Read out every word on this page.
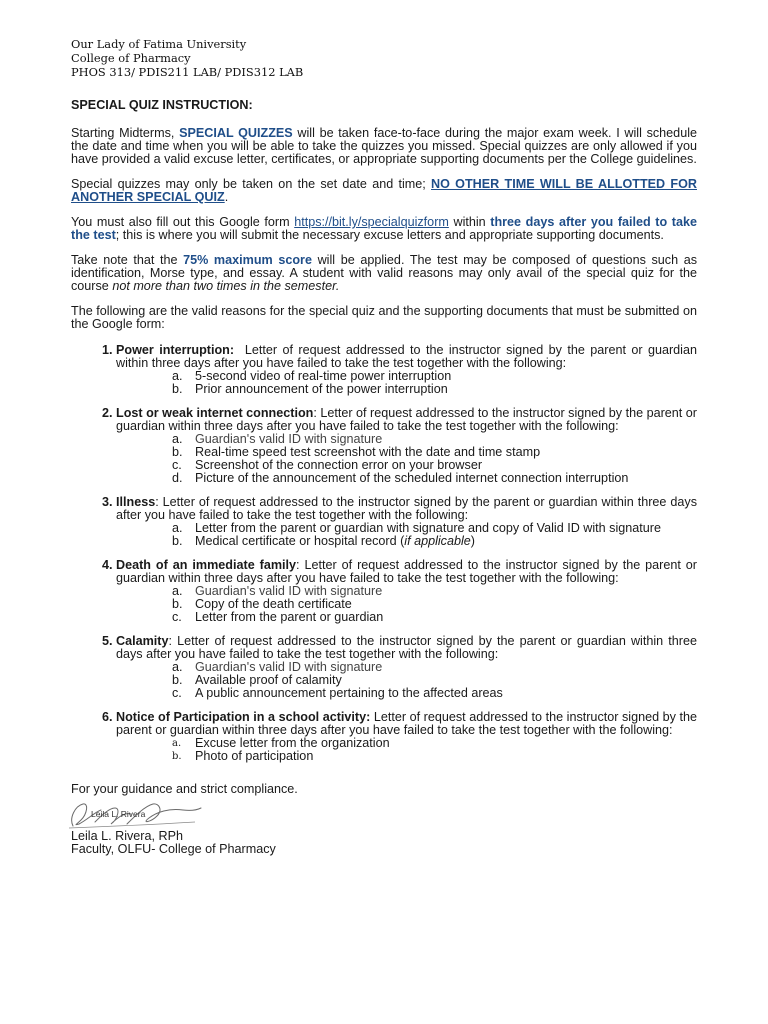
Our Lady of Fatima University
College of Pharmacy
PHOS 313/ PDIS211 LAB/ PDIS312 LAB

SPECIAL QUIZ INSTRUCTION:

Starting Midterms, SPECIAL QUIZZES will be taken face-to-face during the major exam week. I will schedule the date and time when you will be able to take the quizzes you missed. Special quizzes are only allowed if you have provided a valid excuse letter, certificates, or appropriate supporting documents per the College guidelines.

Special quizzes may only be taken on the set date and time; NO OTHER TIME WILL BE ALLOTTED FOR ANOTHER SPECIAL QUIZ.

You must also fill out this Google form https://bit.ly/specialquizform within three days after you failed to take the test; this is where you will submit the necessary excuse letters and appropriate supporting documents.

Take note that the 75% maximum score will be applied. The test may be composed of questions such as identification, Morse type, and essay. A student with valid reasons may only avail of the special quiz for the course not more than two times in the semester.

The following are the valid reasons for the special quiz and the supporting documents that must be submitted on the Google form:

1. Power interruption:  Letter of request addressed to the instructor signed by the parent or guardian within three days after you have failed to take the test together with the following:
a. 5-second video of real-time power interruption
b. Prior announcement of the power interruption
2. Lost or weak internet connection: Letter of request addressed to the instructor signed by the parent or guardian within three days after you have failed to take the test together with the following:
a. Guardian's valid ID with signature
b. Real-time speed test screenshot with the date and time stamp
c. Screenshot of the connection error on your browser
d. Picture of the announcement of the scheduled internet connection interruption
3. Illness: Letter of request addressed to the instructor signed by the parent or guardian within three days after you have failed to take the test together with the following:
a. Letter from the parent or guardian with signature and copy of Valid ID with signature
b. Medical certificate or hospital record (if applicable)
4. Death of an immediate family: Letter of request addressed to the instructor signed by the parent or guardian within three days after you have failed to take the test together with the following:
a. Guardian's valid ID with signature
b. Copy of the death certificate
c. Letter from the parent or guardian
5. Calamity: Letter of request addressed to the instructor signed by the parent or guardian within three days after you have failed to take the test together with the following:
a. Guardian's valid ID with signature
b. Available proof of calamity
c. A public announcement pertaining to the affected areas
6. Notice of Participation in a school activity: Letter of request addressed to the instructor signed by the parent or guardian within three days after you have failed to take the test together with the following:
a. Excuse letter from the organization
b. Photo of participation

For your guidance and strict compliance.

Leila L. Rivera
Leila L. Rivera, RPh
Faculty, OLFU- College of Pharmacy
